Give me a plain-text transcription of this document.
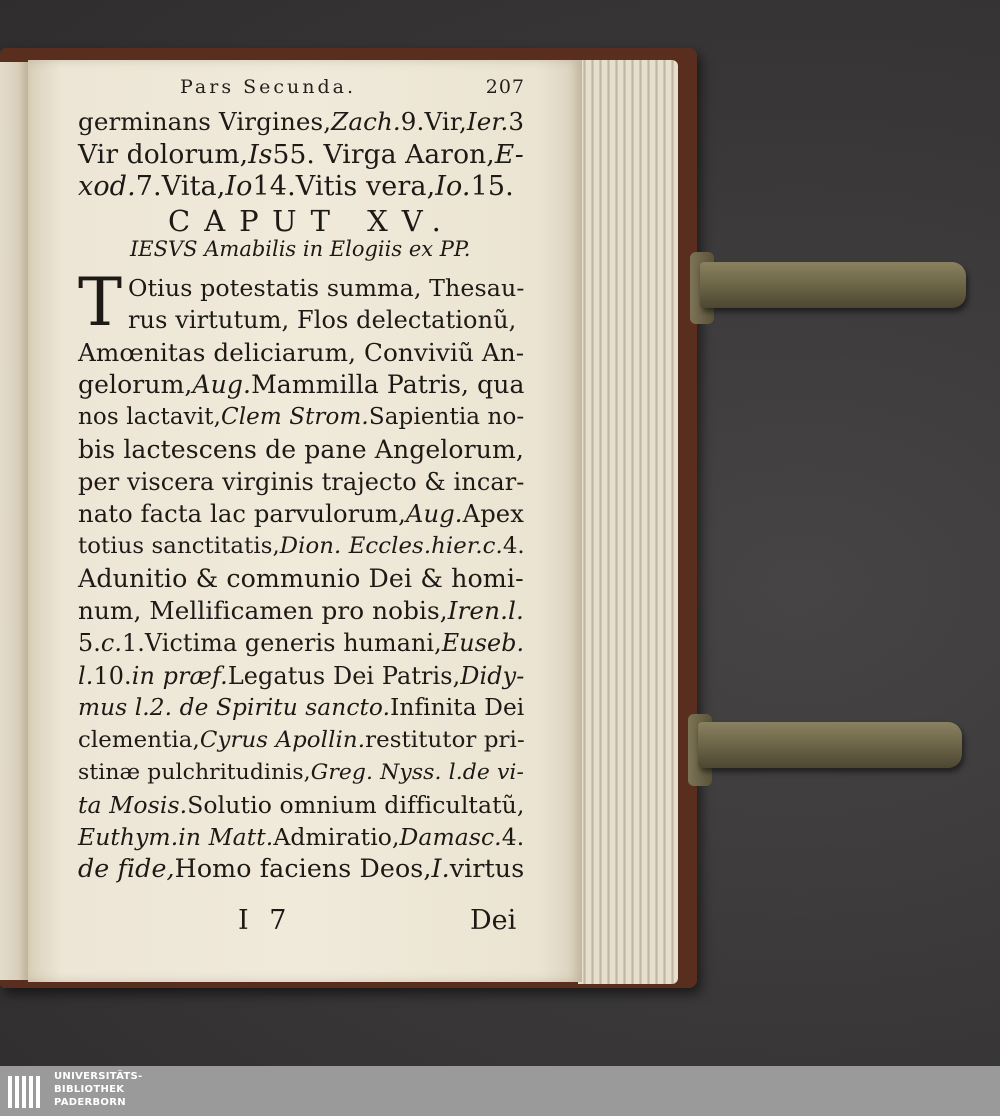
Pars Secunda.	207

germinans Virgines,Zach.9.Vir,Ier.3

Vir dolorum,Is55. Virga Aaron,E-

xod.7.Vita,Io14.Vitis vera,Io.15.

CAPUT XV.

IESVS Amabilis in Elogiis ex PP.

T Otius potestatis summa, Thesau-

rus virtutum, Flos delectationũ,

Amœnitas deliciarum, Conviviũ An-

gelorum,Aug.Mammilla Patris, qua

nos lactavit,Clem Strom.Sapientia no-

bis lactescens de pane Angelorum,

per viscera virginis trajecto & incar-

nato facta lac parvulorum,Aug.Apex

totius sanctitatis,Dion. Eccles.hier.c.4.

Adunitio & communio Dei & homi-

num, Mellificamen pro nobis,Iren.l.

5.c.1.Victima generis humani,Euseb.

l.10.in præf.Legatus Dei Patris,Didy-

mus l.2. de Spiritu sancto.Infinita Dei

clementia,Cyrus Apollin.restitutor pri-

stinæ pulchritudinis,Greg. Nyss. l.de vi-

ta Mosis.Solutio omnium difficultatũ,

Euthym.in Matt.Admiratio,Damasc.4.

de fide,Homo faciens Deos,I.virtus

I 7	Dei

UNIVERSITÄTS-
BIBLIOTHEK
PADERBORN
